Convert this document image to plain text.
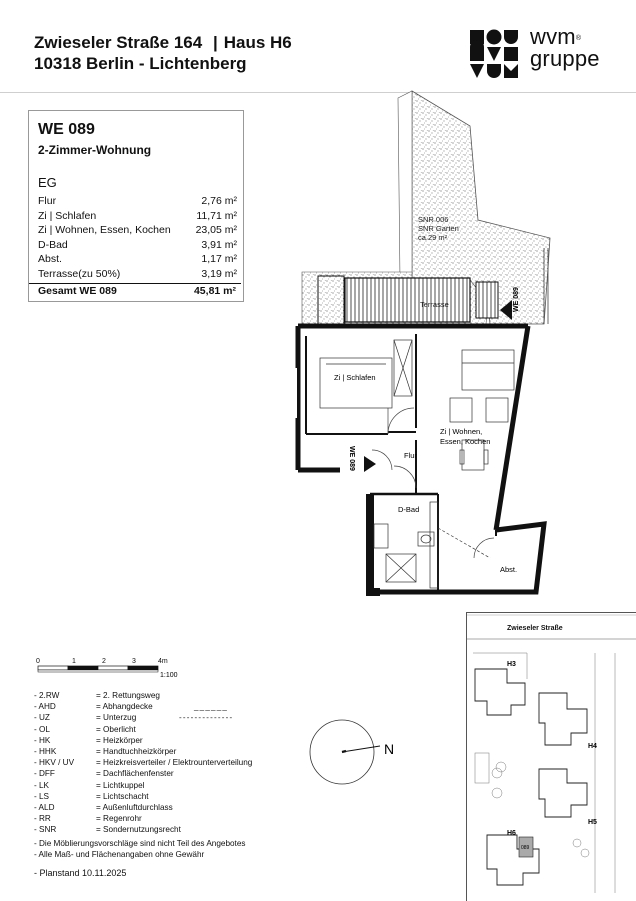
Zwieseler Straße 164 | Haus H6
10318 Berlin - Lichtenberg
wvm®
gruppe
WE 089
2-Zimmer-Wohnung
EG
Flur	2,76 m²
Zi | Schlafen	11,71 m²
Zi | Wohnen, Essen, Kochen 23,05 m²
D-Bad	3,91 m²
Abst.	1,17 m²
Terrasse(zu 50%)	3,19 m²
Gesamt WE 089	45,81 m²
SNR 006
SNR Garten
ca.29 m²
Terrasse
Zi | Schlafen
Zi | Wohnen,
Essen, Kochen
Flur
D-Bad
Abst.
WE 089
WE 089
0	1	2	3	4m
1:100
- 2.RW	= 2. Rettungsweg
- AHD	= Abhangdecke	_ _ _ _ _ _
- UZ	= Unterzug	- - - - - - - - - - - - - -
- OL	= Oberlicht
- HK	= Heizkörper
- HHK	= Handtuchheizkörper
- HKV / UV	= Heizkreisverteiler / Elektrounterverteilung
- DFF	= Dachflächenfenster
- LK	= Lichtkuppel
- LS	= Lichtschacht
- ALD	= Außenluftdurchlass
- RR	= Regenrohr
- SNR	= Sondernutzungsrecht
- Die Möblierungsvorschläge sind nicht Teil des Angebotes
- Alle Maß- und Flächenangaben ohne Gewähr
- Planstand 10.11.2025
N
H3
H4
H5
H6
089
Zwieseler Straße
